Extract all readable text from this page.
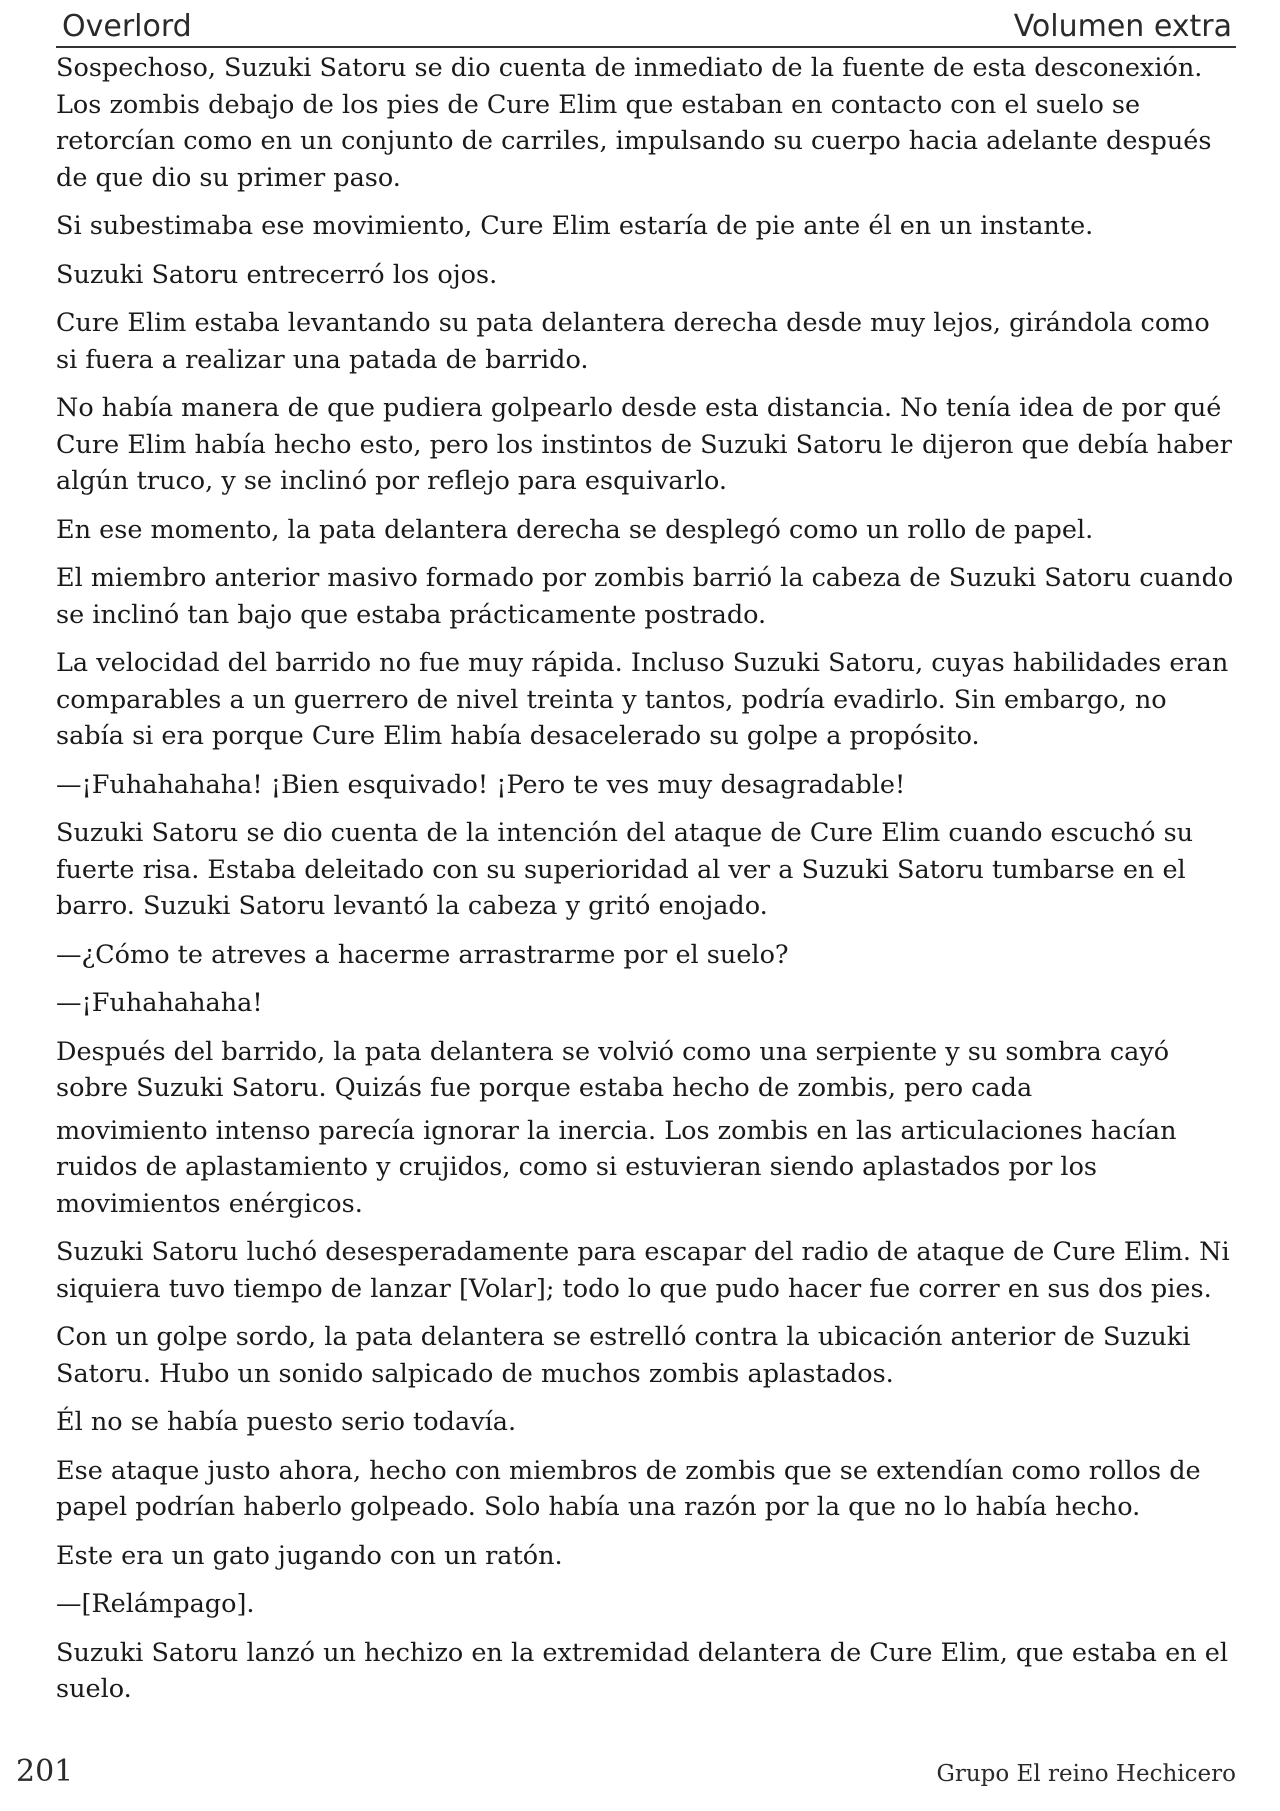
Overlord	Volumen extra

Sospechoso, Suzuki Satoru se dio cuenta de inmediato de la fuente de esta desconexión. Los zombis debajo de los pies de Cure Elim que estaban en contacto con el suelo se retorcían como en un conjunto de carriles, impulsando su cuerpo hacia adelante después de que dio su primer paso.

Si subestimaba ese movimiento, Cure Elim estaría de pie ante él en un instante.

Suzuki Satoru entrecerró los ojos.

Cure Elim estaba levantando su pata delantera derecha desde muy lejos, girándola como si fuera a realizar una patada de barrido.

No había manera de que pudiera golpearlo desde esta distancia. No tenía idea de por qué Cure Elim había hecho esto, pero los instintos de Suzuki Satoru le dijeron que debía haber algún truco, y se inclinó por reflejo para esquivarlo.

En ese momento, la pata delantera derecha se desplegó como un rollo de papel.

El miembro anterior masivo formado por zombis barrió la cabeza de Suzuki Satoru cuando se inclinó tan bajo que estaba prácticamente postrado.

La velocidad del barrido no fue muy rápida. Incluso Suzuki Satoru, cuyas habilidades eran comparables a un guerrero de nivel treinta y tantos, podría evadirlo. Sin embargo, no sabía si era porque Cure Elim había desacelerado su golpe a propósito.

—¡Fuhahahaha! ¡Bien esquivado! ¡Pero te ves muy desagradable!

Suzuki Satoru se dio cuenta de la intención del ataque de Cure Elim cuando escuchó su fuerte risa. Estaba deleitado con su superioridad al ver a Suzuki Satoru tumbarse en el barro. Suzuki Satoru levantó la cabeza y gritó enojado.

—¿Cómo te atreves a hacerme arrastrarme por el suelo?

—¡Fuhahahaha!

Después del barrido, la pata delantera se volvió como una serpiente y su sombra cayó sobre Suzuki Satoru. Quizás fue porque estaba hecho de zombis, pero cada

movimiento intenso parecía ignorar la inercia. Los zombis en las articulaciones hacían ruidos de aplastamiento y crujidos, como si estuvieran siendo aplastados por los movimientos enérgicos.

Suzuki Satoru luchó desesperadamente para escapar del radio de ataque de Cure Elim. Ni siquiera tuvo tiempo de lanzar [Volar]; todo lo que pudo hacer fue correr en sus dos pies.

Con un golpe sordo, la pata delantera se estrelló contra la ubicación anterior de Suzuki Satoru. Hubo un sonido salpicado de muchos zombis aplastados.

Él no se había puesto serio todavía.

Ese ataque justo ahora, hecho con miembros de zombis que se extendían como rollos de papel podrían haberlo golpeado. Solo había una razón por la que no lo había hecho.

Este era un gato jugando con un ratón.

—[Relámpago].

Suzuki Satoru lanzó un hechizo en la extremidad delantera de Cure Elim, que estaba en el suelo.

201	Grupo El reino Hechicero
